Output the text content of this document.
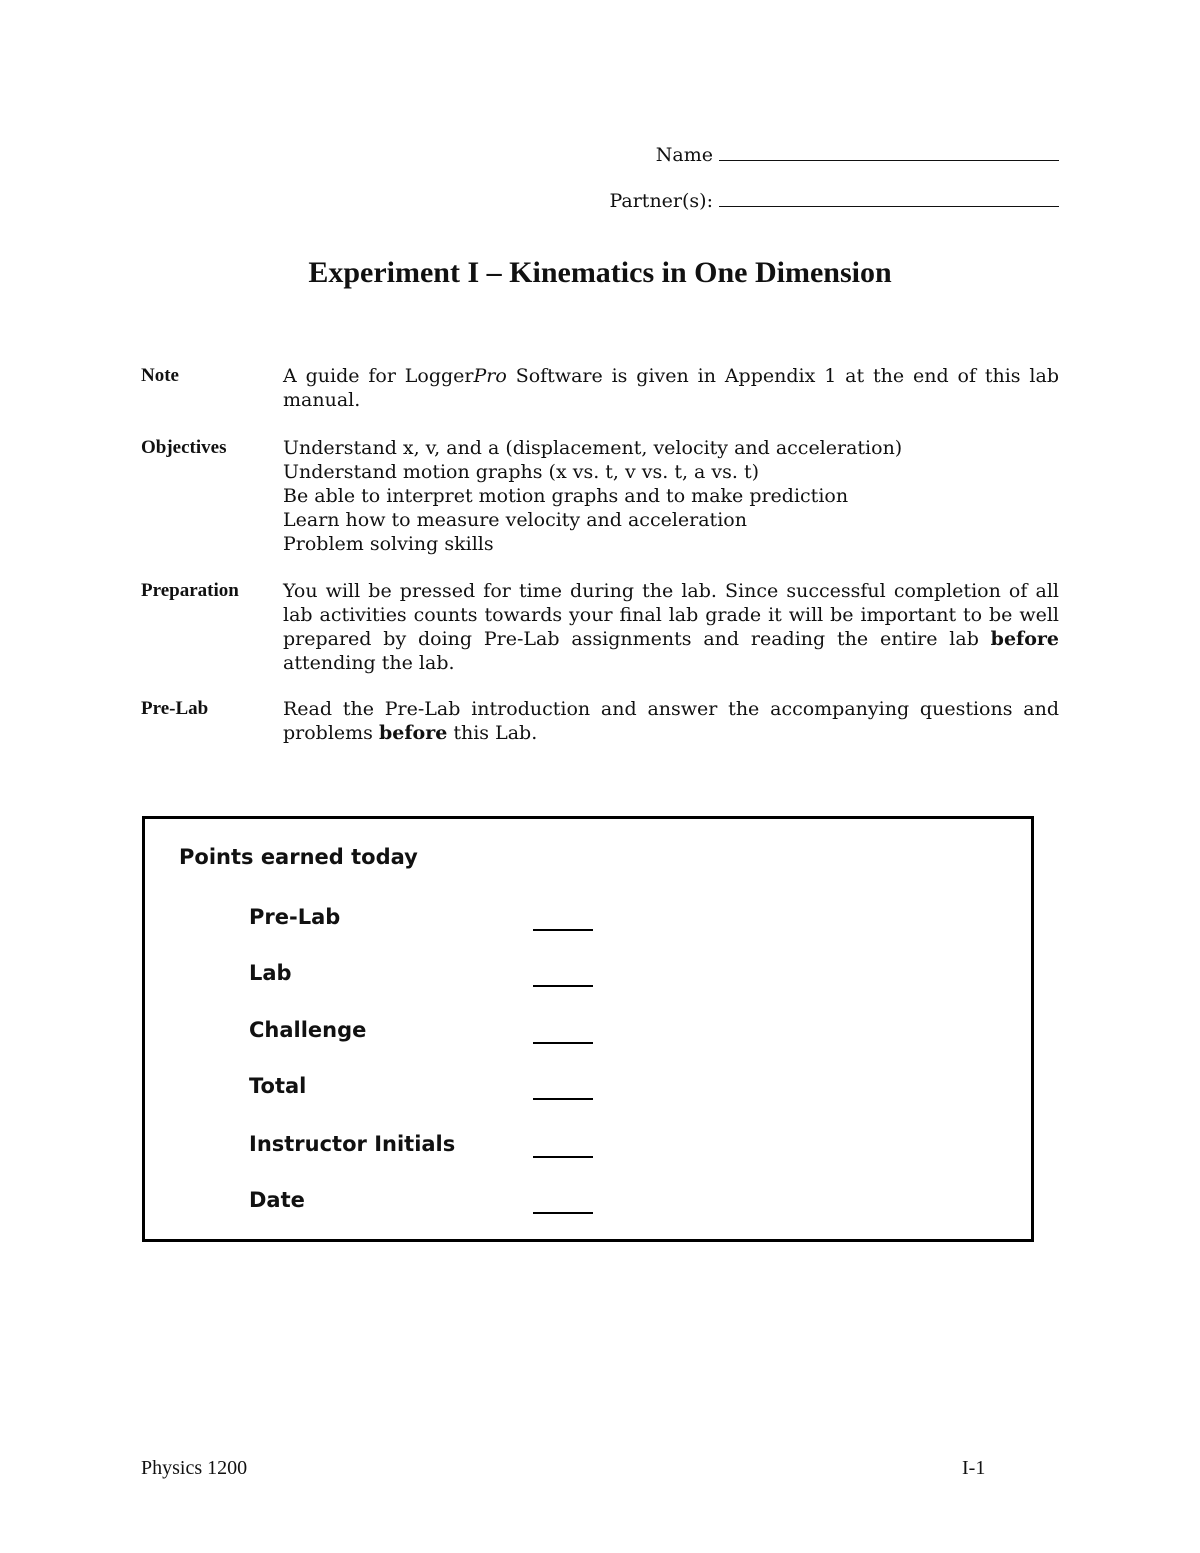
Name
Partner(s):
Experiment I – Kinematics in One Dimension
Note	A guide for LoggerPro Software is given in Appendix 1 at the end of this lab manual.
Objectives	Understand x, v, and a (displacement, velocity and acceleration)
Understand motion graphs (x vs. t, v vs. t, a vs. t)
Be able to interpret motion graphs and to make prediction
Learn how to measure velocity and acceleration
Problem solving skills
Preparation	You will be pressed for time during the lab. Since successful completion of all lab activities counts towards your final lab grade it will be important to be well prepared by doing Pre-Lab assignments and reading the entire lab before attending the lab.
Pre-Lab	Read the Pre-Lab introduction and answer the accompanying questions and problems before this Lab.
Points earned today
Pre-Lab
Lab
Challenge
Total
Instructor Initials
Date
Physics 1200	I-1
